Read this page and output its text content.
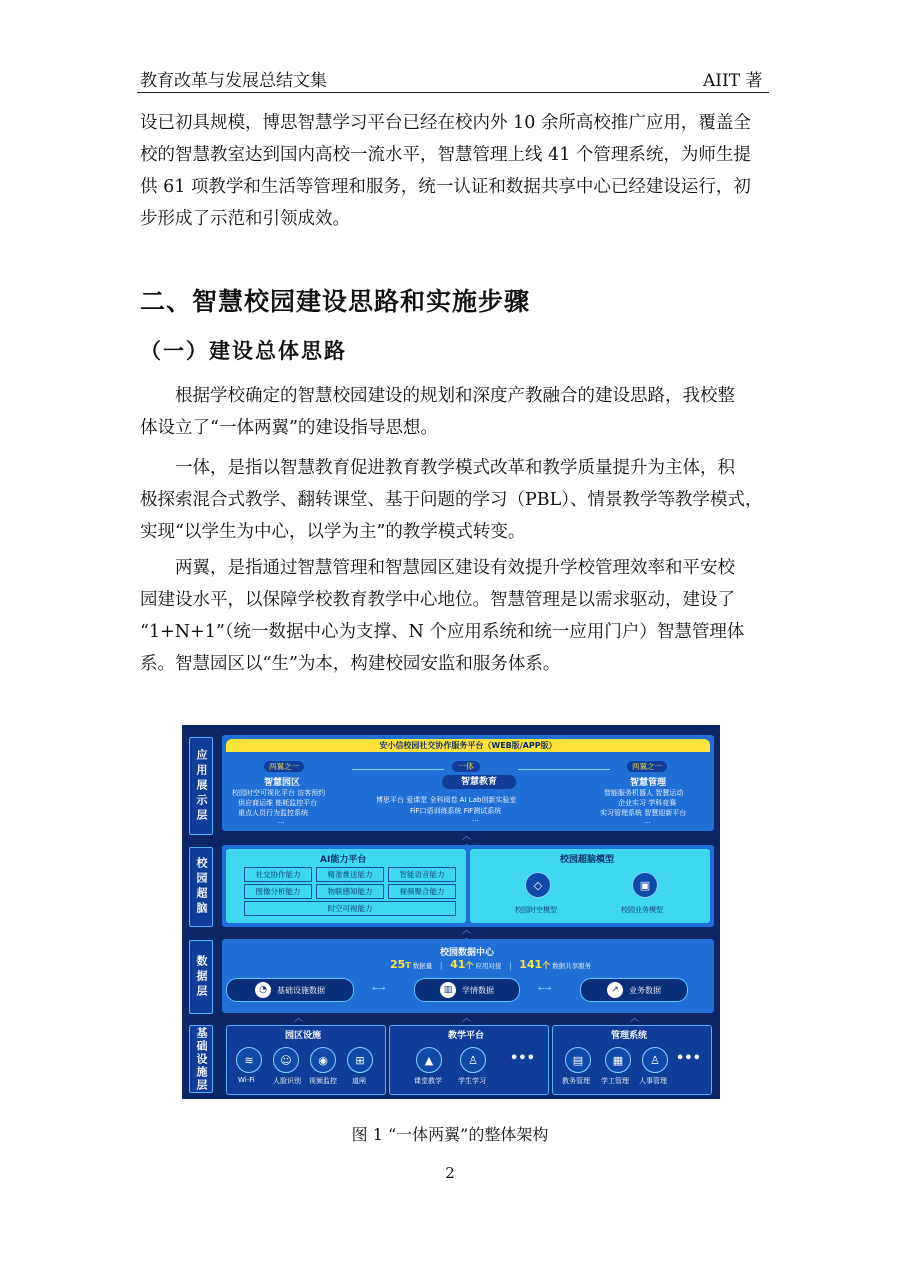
教育改革与发展总结文集	AIIT 著

设已初具规模，博思智慧学习平台已经在校内外 10 余所高校推广应用，覆盖全
校的智慧教室达到国内高校一流水平，智慧管理上线 41 个管理系统，为师生提
供 61 项教学和生活等管理和服务，统一认证和数据共享中心已经建设运行，初
步形成了示范和引领成效。

二、智慧校园建设思路和实施步骤
（一）建设总体思路

根据学校确定的智慧校园建设的规划和深度产教融合的建设思路，我校整
体设立了“一体两翼”的建设指导思想。

一体，是指以智慧教育促进教育教学模式改革和教学质量提升为主体，积
极探索混合式教学、翻转课堂、基于问题的学习（PBL）、情景教学等教学模式，
实现“以学生为中心，以学为主”的教学模式转变。

两翼，是指通过智慧管理和智慧园区建设有效提升学校管理效率和平安校
园建设水平，以保障学校教育教学中心地位。智慧管理是以需求驱动，建设了
“1+N+1”（统一数据中心为支撑、N 个应用系统和统一应用门户）智慧管理体
系。智慧园区以“生”为本，构建校园安监和服务体系。

应用展示层
校园超脑
数据层
基础设施层
安小信校园社交协作服务平台（WEB版/APP版）
两翼之一
智慧园区
校园时空可视化平台 访客预约
供应商运维 能耗监控平台
重点人员行为监控系统
...
一体
智慧教育
博思平台 爱课堂 全科阅卷 AI Lab创新实验室
FiF口语训练系统 FiF测试系统
...
两翼之一
智慧管理
智能服务机器人 智慧运动
企业实习 学科竞赛
实习管理系统 智慧迎新平台
...
︿

AI能力平台
社交协作能力	精准推送能力	智能语音能力
图像分析能力	物联感知能力	视频聚合能力
时空可视能力
校园超脑模型
◇	▣
校园时空模型	校园业务模型
︿

校园数据中心
25T 数据量 | 41个 应用对接 | 141个 数据共享服务
◔	基础设施数据	←→	▥	学情数据	←→	↗	业务数据
︿	︿	︿
园区设施
≋	☺	◉	⊞
Wi-Fi	人脸识别 视频监控 道闸
教学平台
▲	♙	•••
课堂教学 学生学习
管理系统
▤	▦	♙	•••
教务管理 学工管理 人事管理
图 1 “一体两翼”的整体架构
2
